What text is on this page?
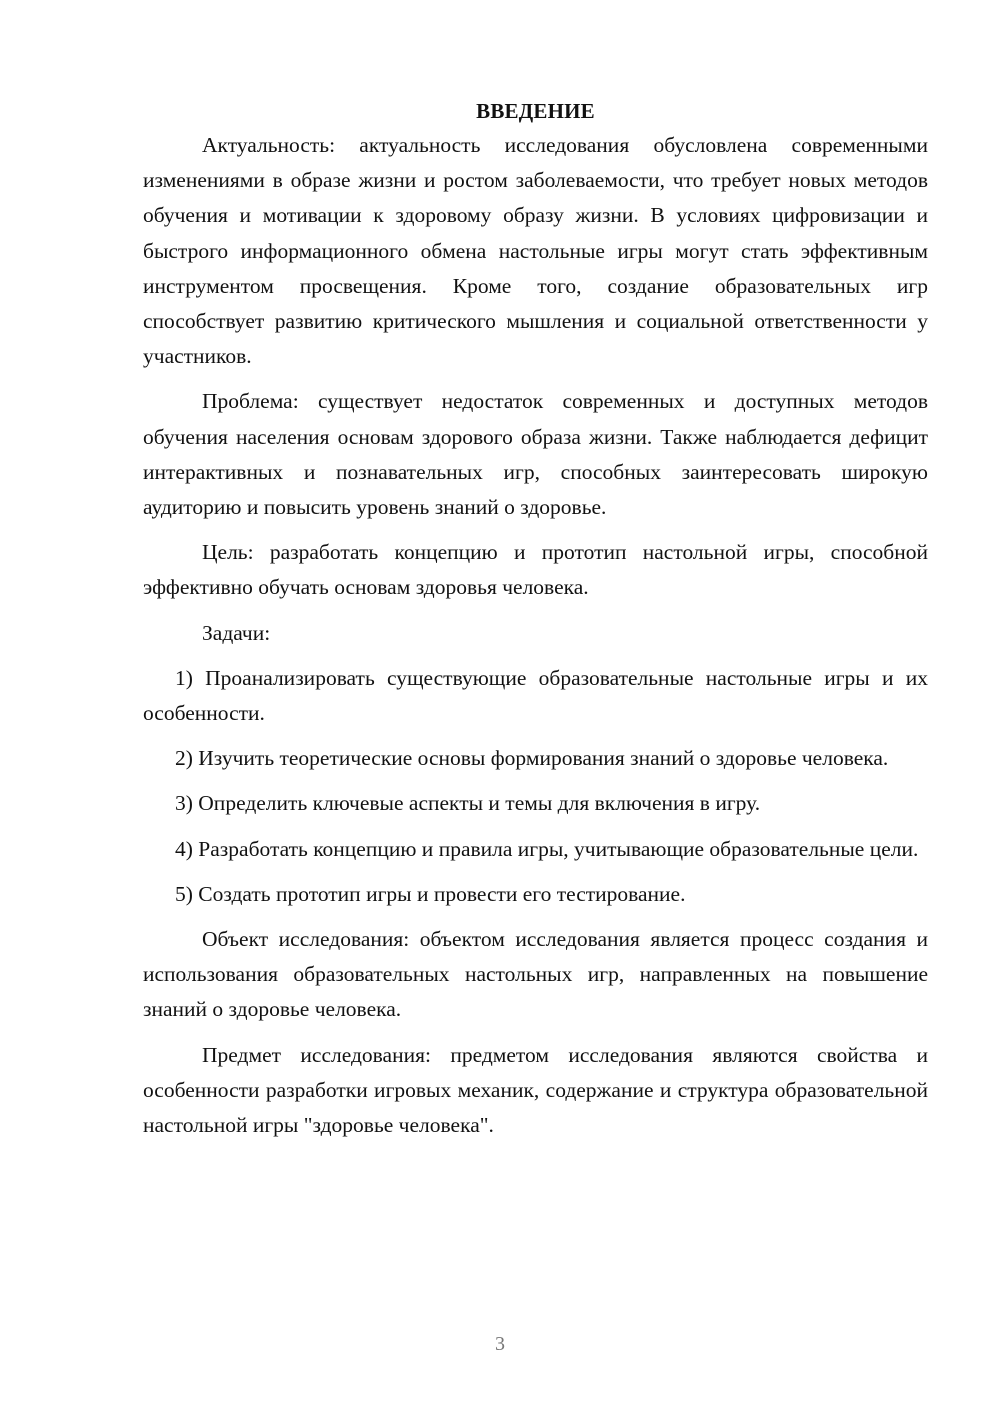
ВВЕДЕНИЕ

Актуальность: актуальность исследования обусловлена современными изменениями в образе жизни и ростом заболеваемости, что требует новых методов обучения и мотивации к здоровому образу жизни. В условиях цифровизации и быстрого информационного обмена настольные игры могут стать эффективным инструментом просвещения. Кроме того, создание образовательных игр способствует развитию критического мышления и социальной ответственности у участников.

Проблема: существует недостаток современных и доступных методов обучения населения основам здорового образа жизни. Также наблюдается дефицит интерактивных и познавательных игр, способных заинтересовать широкую аудиторию и повысить уровень знаний о здоровье.

Цель: разработать концепцию и прототип настольной игры, способной эффективно обучать основам здоровья человека.

Задачи:

1) Проанализировать существующие образовательные настольные игры и их особенности.

2) Изучить теоретические основы формирования знаний о здоровье человека.

3) Определить ключевые аспекты и темы для включения в игру.

4) Разработать концепцию и правила игры, учитывающие образовательные цели.

5) Создать прототип игры и провести его тестирование.

Объект исследования: объектом исследования является процесс создания и использования образовательных настольных игр, направленных на повышение знаний о здоровье человека.

Предмет исследования: предметом исследования являются свойства и особенности разработки игровых механик, содержание и структура образовательной настольной игры "здоровье человека".

3
